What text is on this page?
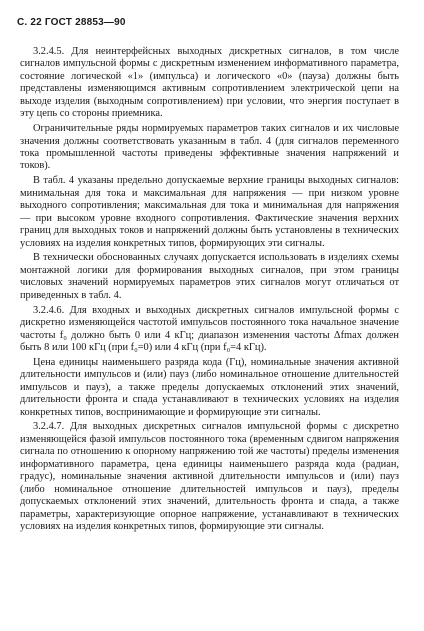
С. 22 ГОСТ 28853—90

3.2.4.5. Для неинтерфейсных выходных дискретных сигналов, в том числе сигналов импульсной формы с дискретным изменением информативного параметра, состояние логической «1» (импульса) и логического «0» (пауза) должны быть представлены изменяющимся активным сопротивлением электрической цепи на выходе изделия (выходным сопротивлением) при условии, что энергия поступает в эту цепь со стороны приемника.

Ограничительные ряды нормируемых параметров таких сигналов и их числовые значения должны соответствовать указанным в табл. 4 (для сигналов переменного тока промышленной частоты приведены эффективные значения напряжений и токов).

В табл. 4 указаны предельно допускаемые верхние границы выходных сигналов: минимальная для тока и максимальная для напряжения — при низком уровне выходного сопротивления; максимальная для тока и минимальная для напряжения — при высоком уровне входного сопротивления. Фактические значения верхних границ для выходных токов и напряжений должны быть установлены в технических условиях на изделия конкретных типов, формирующих эти сигналы.

В технически обоснованных случаях допускается использовать в изделиях схемы монтажной логики для формирования выходных сигналов, при этом границы числовых значений нормируемых параметров этих сигналов могут отличаться от приведенных в табл. 4.

3.2.4.6. Для входных и выходных дискретных сигналов импульсной формы с дискретно изменяющейся частотой импульсов постоянного тока начальное значение частоты f₀ должно быть 0 или 4 кГц; диапазон изменения частоты Δfmax должен быть 8 или 100 кГц (при f₀=0) или 4 кГц (при f₀=4 кГц).

Цена единицы наименьшего разряда кода (Гц), номинальные значения активной длительности импульсов и (или) пауз (либо номинальное отношение длительностей импульсов и пауз), а также пределы допускаемых отклонений этих значений, длительности фронта и спада устанавливают в технических условиях на изделия конкретных типов, воспринимающие и формирующие эти сигналы.

3.2.4.7. Для выходных дискретных сигналов импульсной формы с дискретно изменяющейся фазой импульсов постоянного тока (временным сдвигом напряжения сигнала по отношению к опорному напряжению той же частоты) пределы изменения информативного параметра, цена единицы наименьшего разряда кода (радиан, градус), номинальные значения активной длительности импульсов и (или) пауз (либо номинальное отношение длительностей импульсов и пауз), пределы допускаемых отклонений этих значений, длительность фронта и спада, а также параметры, характеризующие опорное напряжение, устанавливают в технических условиях на изделия конкретных типов, формирующие эти сигналы.
